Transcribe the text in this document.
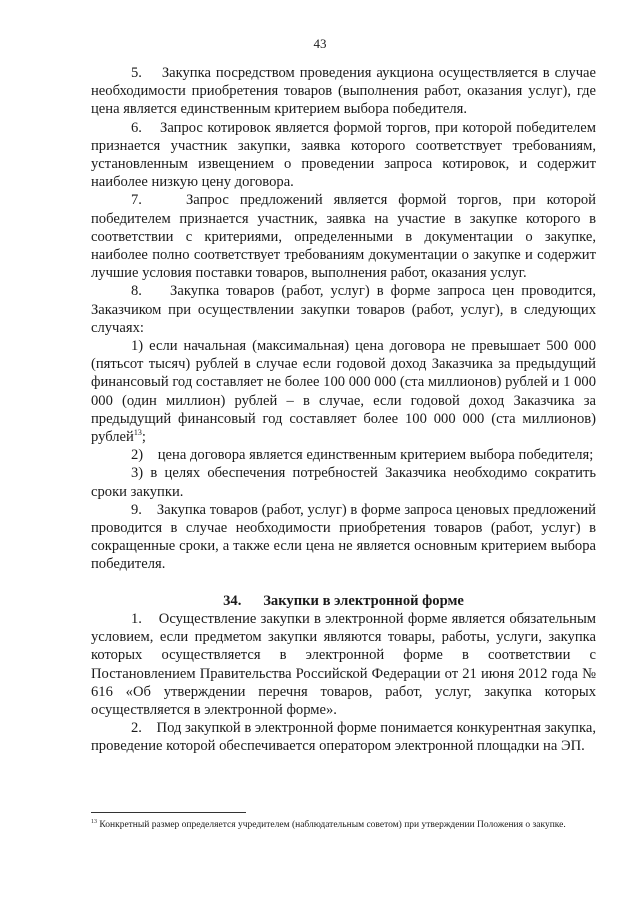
43

5.    Закупка посредством проведения аукциона осуществляется в случае необходимости приобретения товаров (выполнения работ, оказания услуг), где цена является единственным критерием выбора победителя.

6.    Запрос котировок является формой торгов, при которой победителем признается участник закупки, заявка которого соответствует требованиям, установленным извещением о проведении запроса котировок, и содержит наиболее низкую цену договора.

7.    Запрос предложений является формой торгов, при которой победителем признается участник, заявка на участие в закупке которого в соответствии с критериями, определенными в документации о закупке, наиболее полно соответствует требованиям документации о закупке и содержит лучшие условия поставки товаров, выполнения работ, оказания услуг.

8.    Закупка товаров (работ, услуг) в форме запроса цен проводится, Заказчиком при осуществлении закупки товаров (работ, услуг), в следующих случаях:

1) если начальная (максимальная) цена договора не превышает 500 000 (пятьсот тысяч) рублей в случае если годовой доход Заказчика за предыдущий финансовый год составляет не более 100 000 000 (ста миллионов) рублей и 1 000 000 (один миллион) рублей – в случае, если годовой доход Заказчика за предыдущий финансовый год составляет более 100 000 000 (ста миллионов) рублей$^{13}$;

2)    цена договора является единственным критерием выбора победителя;

3) в целях обеспечения потребностей Заказчика необходимо сократить сроки закупки.

9.    Закупка товаров (работ, услуг) в форме запроса ценовых предложений проводится в случае необходимости приобретения товаров (работ, услуг) в сокращенные сроки, а также если цена не является основным критерием выбора победителя.

34. Закупки в электронной форме

1.    Осуществление закупки в электронной форме является обязательным условием, если предметом закупки являются товары, работы, услуги, закупка которых осуществляется в электронной форме в соответствии с Постановлением Правительства Российской Федерации от 21 июня 2012 года № 616 «Об утверждении перечня товаров, работ, услуг, закупка которых осуществляется в электронной форме».

2.    Под закупкой в электронной форме понимается конкурентная закупка, проведение которой обеспечивается оператором электронной площадки на ЭП.

$^{13}$ Конкретный размер определяется учредителем (наблюдательным советом) при утверждении Положения о закупке.
